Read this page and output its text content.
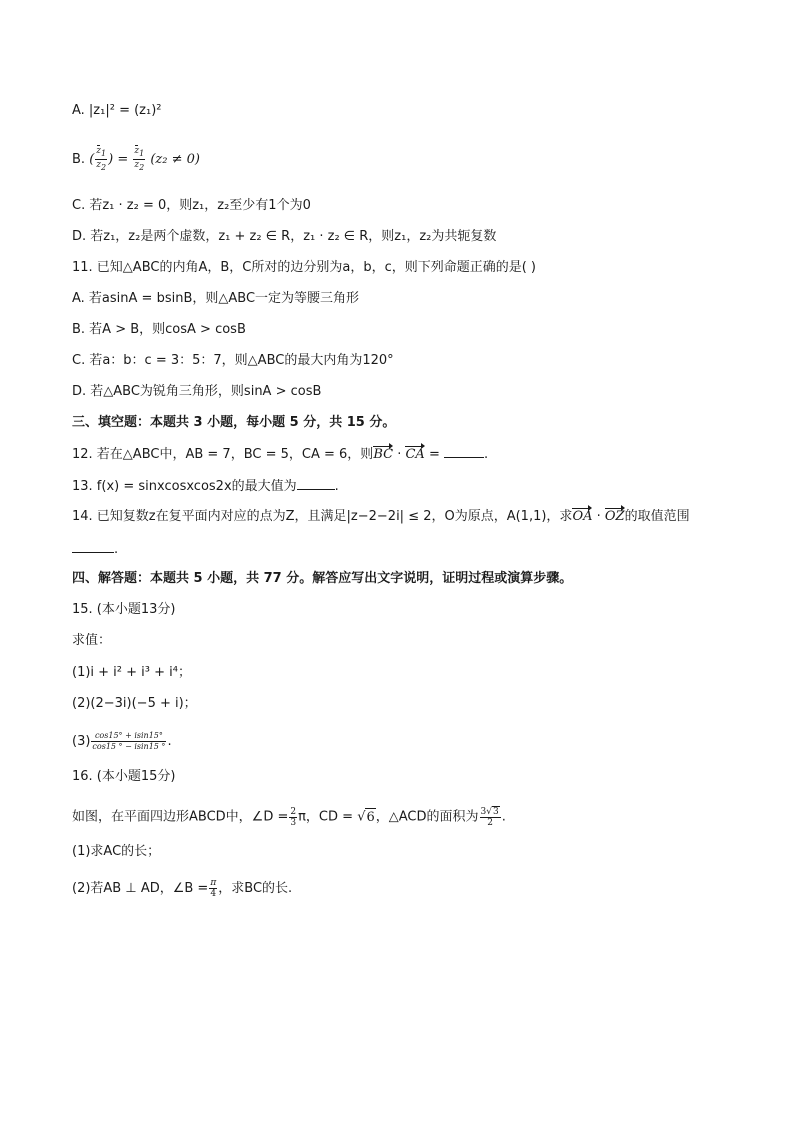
A. |z₁|² = (z₁)²
B. ( $\frac{z_1}{z_2}$ ) = $\frac{z_1}{z_2} (z_2 \ne 0)$
C. 若z₁ · z₂ = 0，则z₁，z₂至少有1个为0
D. 若z₁，z₂是两个虚数，z₁ + z₂ ∈ R，z₁ · z₂ ∈ R，则z₁，z₂为共轭复数
11. 已知△ABC的内角A，B，C所对的边分别为a，b，c，则下列命题正确的是( )
A. 若asinA = bsinB，则△ABC一定为等腰三角形
B. 若A > B，则cosA > cosB
C. 若a：b：c = 3：5：7，则△ABC的最大内角为120°
D. 若△ABC为锐角三角形，则sinA > cosB
三、填空题：本题共 3 小题，每小题 5 分，共 15 分。
12. 若在△ABC中，AB = 7，BC = 5，CA = 6，则BC · CA =	.
13. f(x) = sinxcosxcos2x的最大值为	.
14. 已知复数z在复平面内对应的点为Z，且满足|z−2−2i| ≤ 2，O为原点，A(1,1)，求OA · OZ的取值范围
.
四、解答题：本题共 5 小题，共 77 分。解答应写出文字说明，证明过程或演算步骤。
15. (本小题13分)
求值：
(1)i + i² + i³ + i⁴；
(2)(2−3i)(−5 + i)；
$(3) \frac{\cos 15^\circ + isin15^\circ}{\cos 15 ^\circ - isin15 ^\circ}$ .
16. (本小题15分)
如图，在平面四边形ABCD中，∠D = $\frac{2}{3}$ π，CD = √6，△ACD的面积为 $\frac{3√3}{2}$ .
(1)求AC的长；
(2)若AB ⊥ AD，∠B = $\frac{\pi}{4}$ ，求BC的长.
